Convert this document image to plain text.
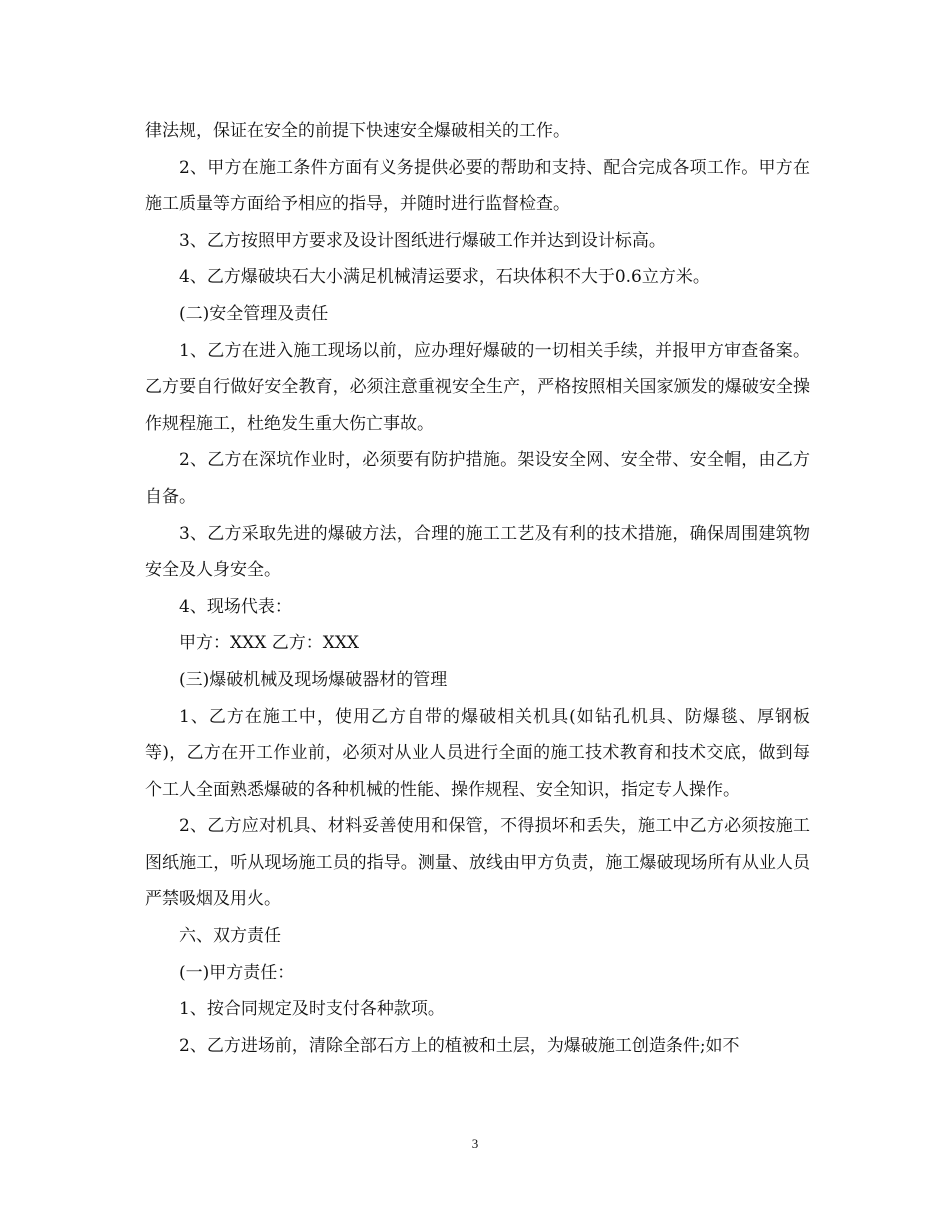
律法规，保证在安全的前提下快速安全爆破相关的工作。

2、甲方在施工条件方面有义务提供必要的帮助和支持、配合完成各项工作。甲方在施工质量等方面给予相应的指导，并随时进行监督检查。

3、乙方按照甲方要求及设计图纸进行爆破工作并达到设计标高。

4、乙方爆破块石大小满足机械清运要求，石块体积不大于0.6立方米。

(二)安全管理及责任

1、乙方在进入施工现场以前，应办理好爆破的一切相关手续，并报甲方审查备案。乙方要自行做好安全教育，必须注意重视安全生产，严格按照相关国家颁发的爆破安全操作规程施工，杜绝发生重大伤亡事故。

2、乙方在深坑作业时，必须要有防护措施。架设安全网、安全带、安全帽，由乙方自备。

3、乙方采取先进的爆破方法，合理的施工工艺及有利的技术措施，确保周围建筑物安全及人身安全。

4、现场代表：

甲方：XXX 乙方：XXX

(三)爆破机械及现场爆破器材的管理

1、乙方在施工中，使用乙方自带的爆破相关机具(如钻孔机具、防爆毯、厚钢板等)，乙方在开工作业前，必须对从业人员进行全面的施工技术教育和技术交底，做到每个工人全面熟悉爆破的各种机械的性能、操作规程、安全知识，指定专人操作。

2、乙方应对机具、材料妥善使用和保管，不得损坏和丢失，施工中乙方必须按施工图纸施工，听从现场施工员的指导。测量、放线由甲方负责，施工爆破现场所有从业人员严禁吸烟及用火。

六、双方责任

(一)甲方责任：

1、按合同规定及时支付各种款项。

2、乙方进场前，清除全部石方上的植被和土层，为爆破施工创造条件;如不

3
